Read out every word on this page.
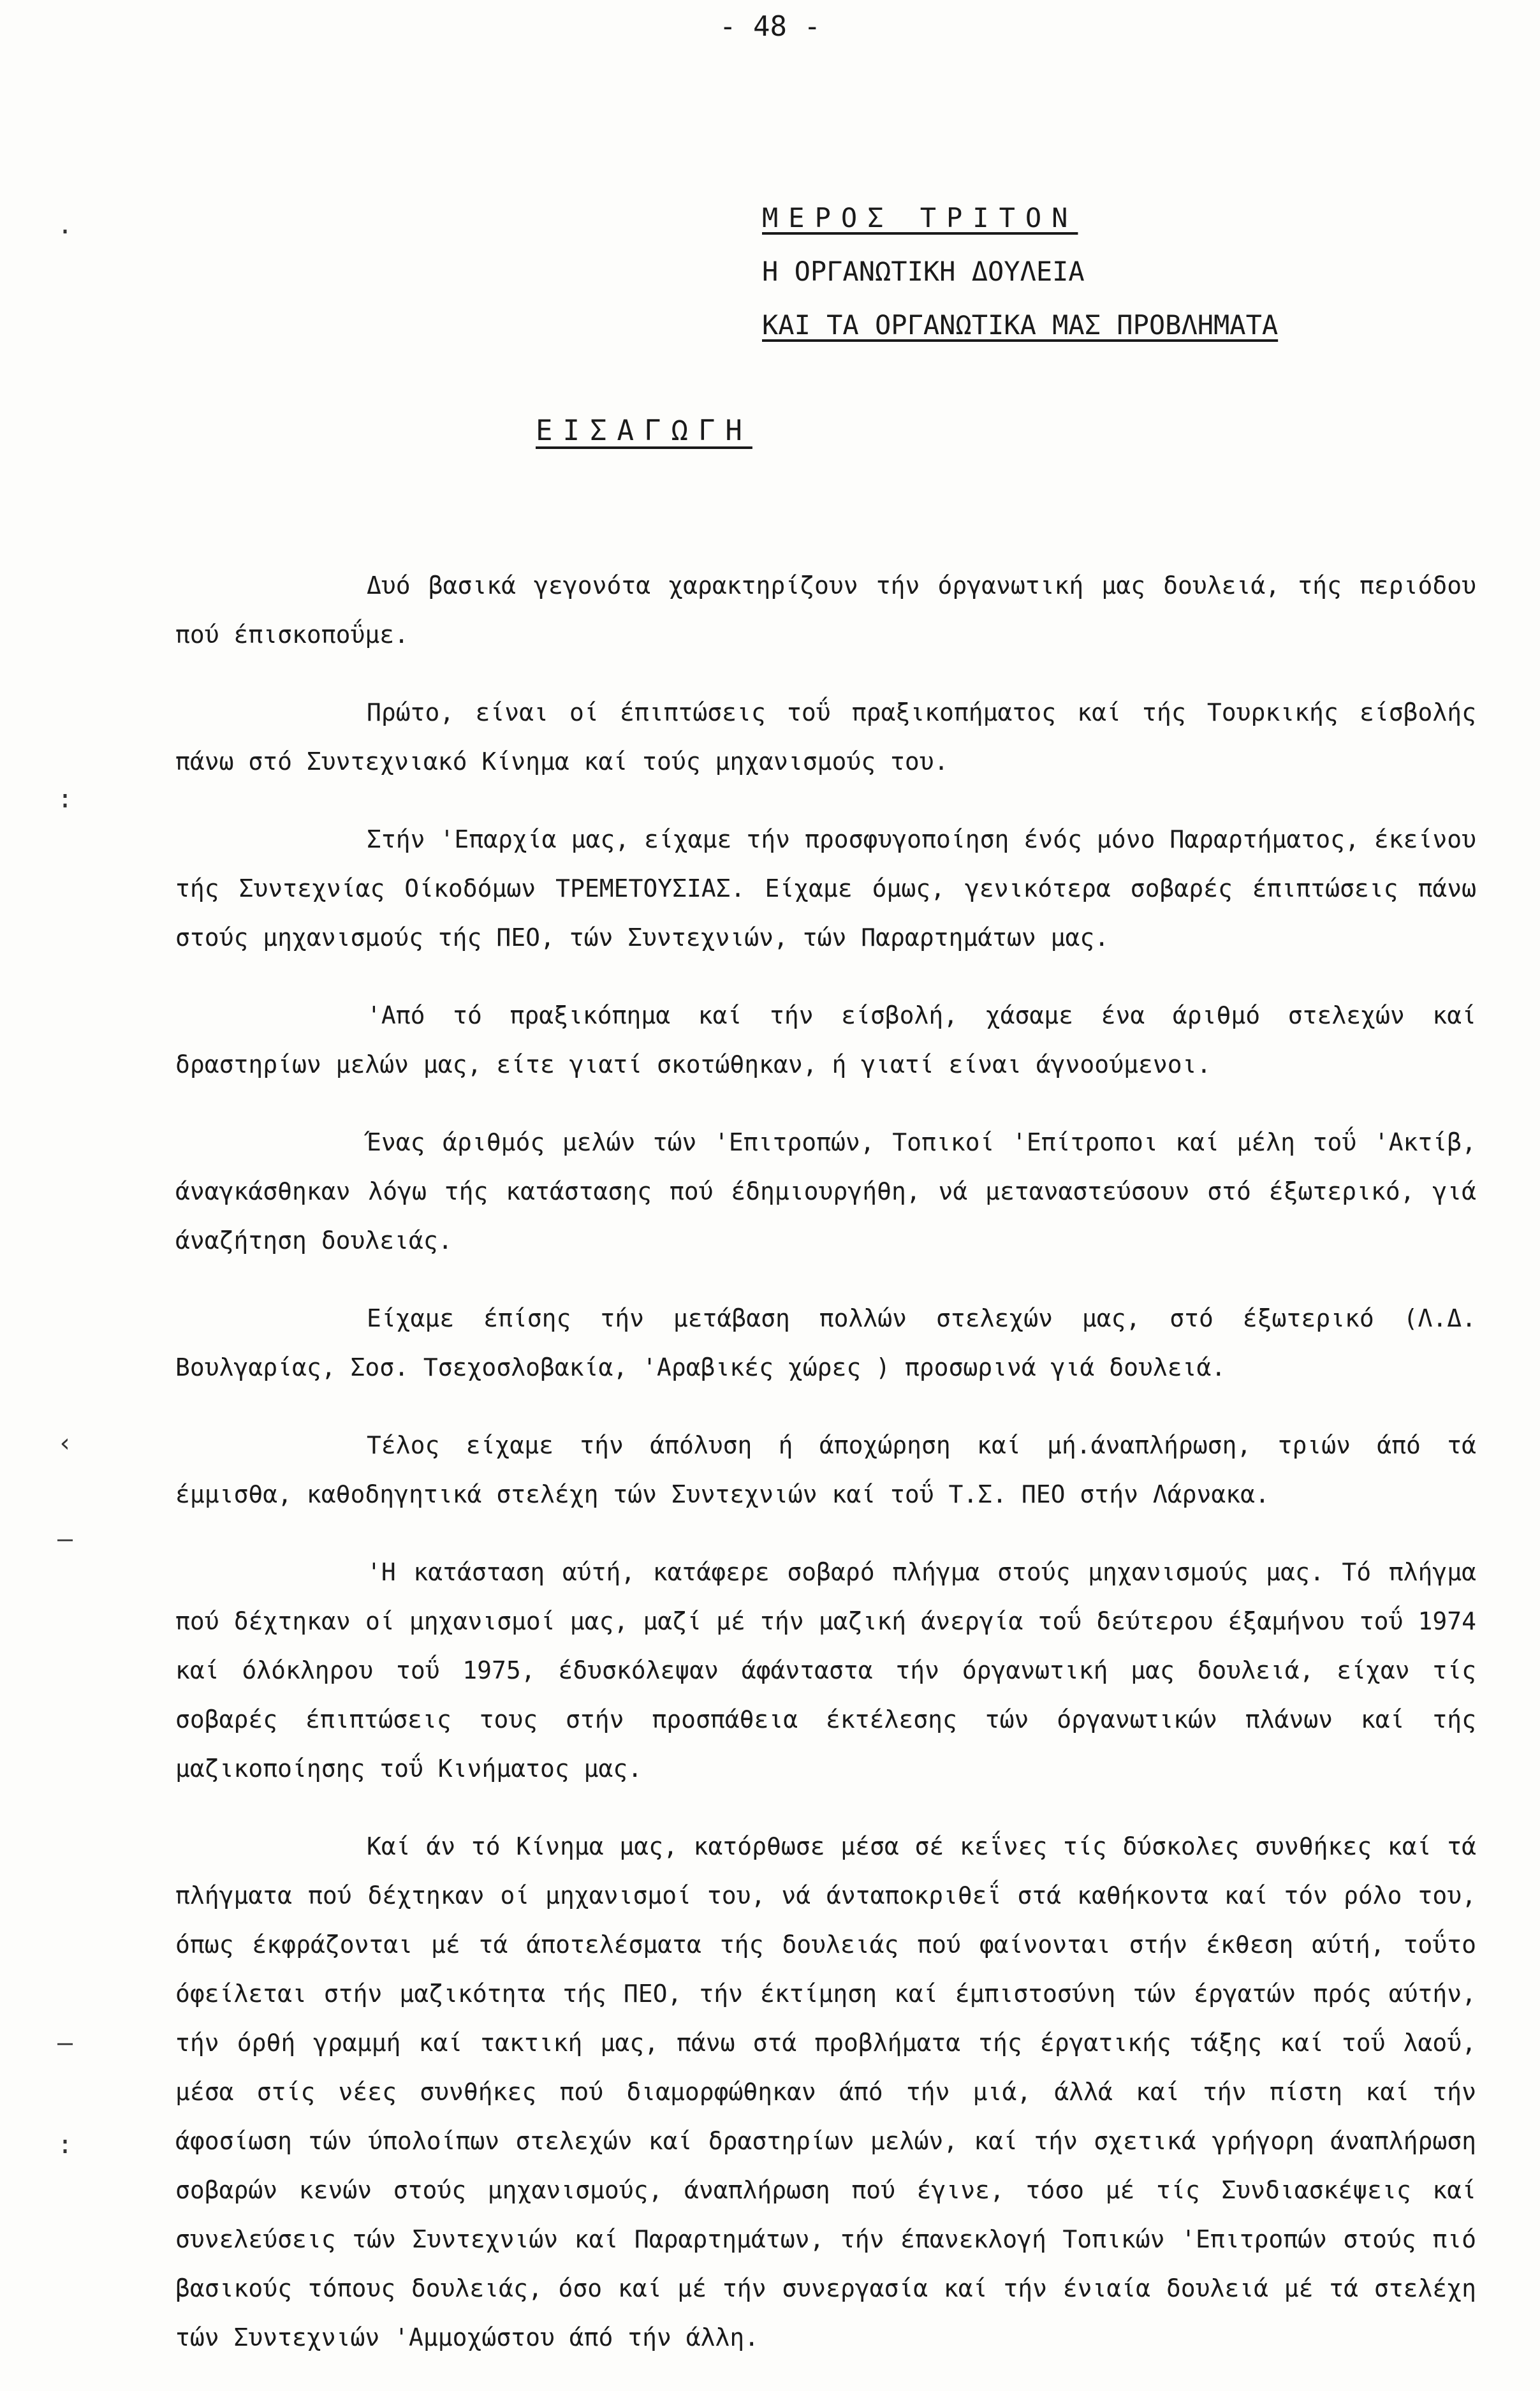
- 48 -
ΜΕΡΟΣ ΤΡΙΤΟΝ
Η ΟΡΓΑΝΩΤΙΚΗ ΔΟΥΛΕΙΑ
ΚΑΙ ΤΑ ΟΡΓΑΝΩΤΙΚΑ ΜΑΣ ΠΡΟΒΛΗΜΑΤΑ
ΕΙΣΑΓΩΓΗ
.
:
‹
–
–
:

Δυό βασικά γεγονότα χαρακτηρίζουν τήν όργανωτική μας δουλειά, τής περιόδου πού έπισκοποΰμε.

Πρώτο, είναι οί έπιπτώσεις τοΰ πραξικοπήματος καί τής Τουρκικής είσβολής πάνω στό Συντεχνιακό Κίνημα καί τούς μηχανισμούς του.

Στήν 'Επαρχία μας, είχαμε τήν προσφυγοποίηση ένός μόνο Παραρτήματος, έκείνου τής Συντεχνίας Οίκοδόμων ΤΡΕΜΕΤΟΥΣΙΑΣ. Είχαμε όμως, γενικότερα σοβαρές έπιπτώσεις πάνω στούς μηχανισμούς τής ΠΕΟ, τών Συντεχνιών, τών Παραρτημάτων μας.

'Από τό πραξικόπημα καί τήν είσβολή, χάσαμε ένα άριθμό στελεχών καί δραστηρίων μελών μας, είτε γιατί σκοτώθηκαν, ή γιατί είναι άγνοούμενοι.

Ένας άριθμός μελών τών 'Επιτροπών, Τοπικοί 'Επίτροποι καί μέλη τοΰ 'Ακτίβ, άναγκάσθηκαν λόγω τής κατάστασης πού έδημιουργήθη, νά μεταναστεύσουν στό έξωτερικό, γιά άναζήτηση δουλειάς.

Είχαμε έπίσης τήν μετάβαση πολλών στελεχών μας, στό έξωτερικό (Λ.Δ. Βουλγαρίας, Σοσ. Τσεχοσλοβακία, 'Αραβικές χώρες ) προσωρινά γιά δουλειά.

Τέλος είχαμε τήν άπόλυση ή άποχώρηση καί μή.άναπλήρωση, τριών άπό τά έμμισθα, καθοδηγητικά στελέχη τών Συντεχνιών καί τοΰ Τ.Σ. ΠΕΟ στήν Λάρνακα.

'Η κατάσταση αύτή, κατάφερε σοβαρό πλήγμα στούς μηχανισμούς μας. Τό πλήγμα πού δέχτηκαν οί μηχανισμοί μας, μαζί μέ τήν μαζική άνεργία τοΰ δεύτερου έξαμήνου τοΰ 1974 καί όλόκληρου τοΰ 1975, έδυσκόλεψαν άφάνταστα τήν όργανωτική μας δουλειά, είχαν τίς σοβαρές έπιπτώσεις τους στήν προσπάθεια έκτέλεσης τών όργανωτικών πλάνων καί τής μαζικοποίησης τοΰ Κινήματος μας.

Καί άν τό Κίνημα μας, κατόρθωσε μέσα σέ κεΐνες τίς δύσκολες συνθήκες καί τά πλήγματα πού δέχτηκαν οί μηχανισμοί του, νά άνταποκριθεΐ στά καθήκοντα καί τόν ρόλο του, όπως έκφράζονται μέ τά άποτελέσματα τής δουλειάς πού φαίνονται στήν έκθεση αύτή, τοΰτο όφείλεται στήν μαζικότητα τής ΠΕΟ, τήν έκτίμηση καί έμπιστοσύνη τών έργατών πρός αύτήν, τήν όρθή γραμμή καί τακτική μας, πάνω στά προβλήματα τής έργατικής τάξης καί τοΰ λαοΰ, μέσα στίς νέες συνθήκες πού διαμορφώθηκαν άπό τήν μιά, άλλά καί τήν πίστη καί τήν άφοσίωση τών ύπολοίπων στελεχών καί δραστηρίων μελών, καί τήν σχετικά γρήγορη άναπλήρωση σοβαρών κενών στούς μηχανισμούς, άναπλήρωση πού έγινε, τόσο μέ τίς Συνδιασκέψεις καί συνελεύσεις τών Συντεχνιών καί Παραρτημάτων, τήν έπανεκλογή Τοπικών 'Επιτροπών στούς πιό βασικούς τόπους δουλειάς, όσο καί μέ τήν συνεργασία καί τήν ένιαία δουλειά μέ τά στελέχη τών Συντεχνιών 'Αμμοχώστου άπό τήν άλλη.
